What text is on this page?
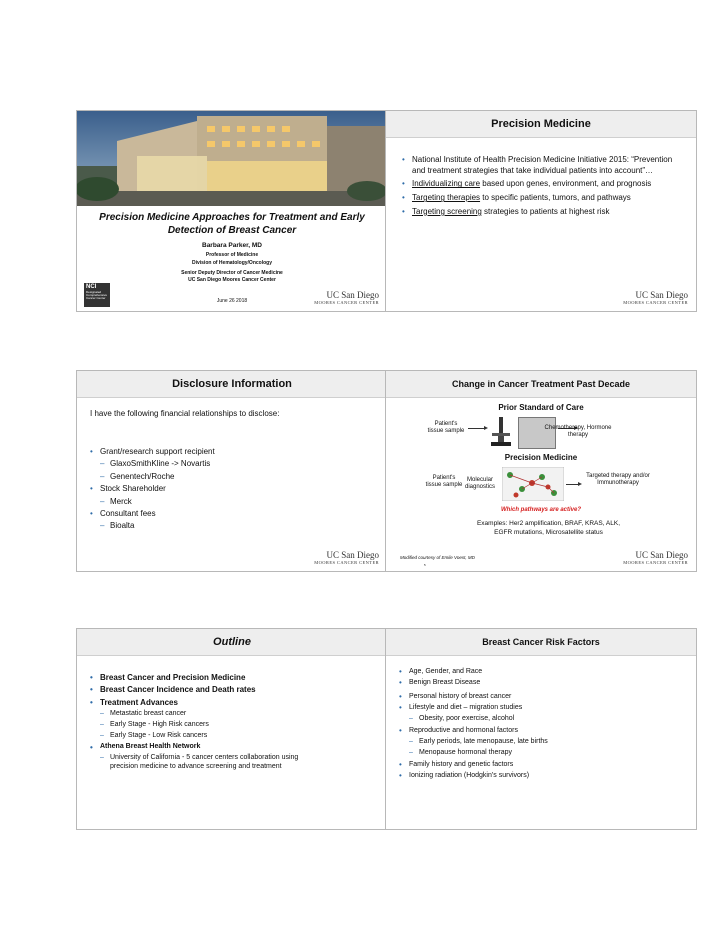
Precision Medicine Approaches for Treatment and Early Detection of Breast Cancer
Barbara Parker, MD
Professor of Medicine
Division of Hematology/Oncology
Senior Deputy Director of Cancer Medicine
UC San Diego Moores Cancer Center
NCI
Designated Comprehensive Cancer Center	June 26 2018
UC San Diego
MOORES CANCER CENTER
Precision Medicine
• National Institute of Health Precision Medicine Initiative 2015: “Prevention and treatment strategies that take individual patients into account”…
• Individualizing care based upon genes, environment, and prognosis
• Targeting therapies to specific patients, tumors, and pathways
• Targeting screening strategies to patients at highest risk
UC San Diego
MOORES CANCER CENTER
Disclosure Information
I have the following financial relationships to disclose:
• Grant/research support recipient
– GlaxoSmithKline -> Novartis
– Genentech/Roche
• Stock Shareholder
– Merck
• Consultant fees
– Bioalta
UC San Diego
MOORES CANCER CENTER
Change in Cancer Treatment Past Decade
Prior Standard of Care
Patient's tissue sample	Chemotherapy, Hormone therapy
Precision Medicine
Patient's tissue sample
Molecular diagnostics
Targeted therapy and/or Immunotherapy
Which pathways are active?
Examples: Her2 amplification, BRAF, KRAS, ALK, EGFR mutations, Microsatellite status
Modified courtesy of Emile Voest, MD
5
UC San Diego
MOORES CANCER CENTER
Outline
• Breast Cancer and Precision Medicine
• Breast Cancer Incidence and Death rates
• Treatment Advances
– Metastatic breast cancer
– Early Stage - High Risk cancers
– Early Stage - Low Risk cancers
• Athena Breast Health Network
– University of California - 5 cancer centers collaboration using precision medicine to advance screening and treatment
Breast Cancer Risk Factors
• Age, Gender, and Race
• Benign Breast Disease
• Personal history of breast cancer
• Lifestyle and diet – migration studies
– Obesity, poor exercise, alcohol
• Reproductive and hormonal factors
– Early periods, late menopause, late births
– Menopause hormonal therapy
• Family history and genetic factors
• Ionizing radiation (Hodgkin’s survivors)
